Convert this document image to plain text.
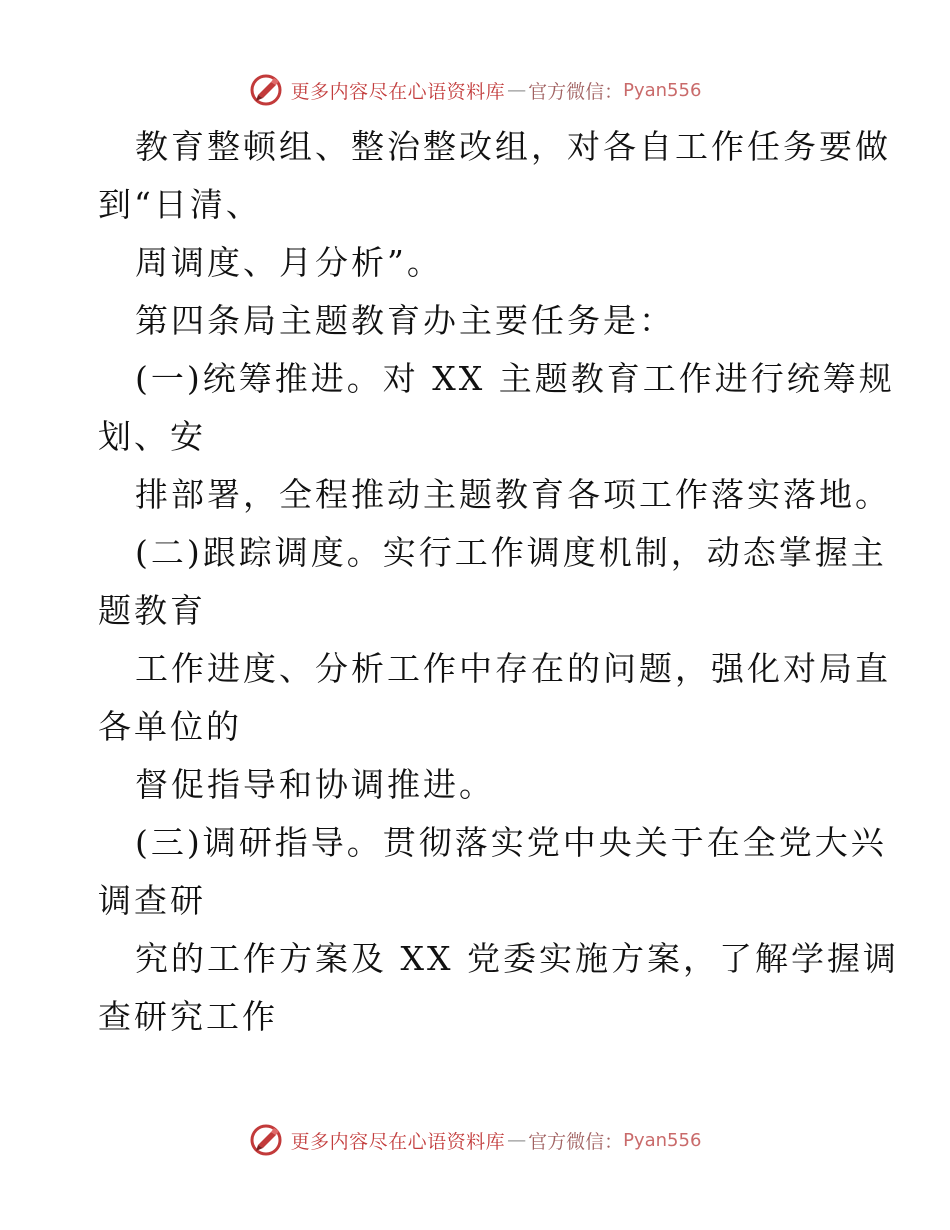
更多内容尽在心语资料库 — 官方微信： Pyan556
教育整顿组、整治整改组，对各自工作任务要做
到“日清、
周调度、月分析”。
第四条局主题教育办主要任务是：
(一)统筹推进。对 XX 主题教育工作进行统筹规
划、安
排部署，全程推动主题教育各项工作落实落地。
(二)跟踪调度。实行工作调度机制，动态掌握主
题教育
工作进度、分析工作中存在的问题，强化对局直
各单位的
督促指导和协调推进。
(三)调研指导。贯彻落实党中央关于在全党大兴
调查研
究的工作方案及 XX 党委实施方案，了解学握调
查研究工作
更多内容尽在心语资料库 — 官方微信： Pyan556
